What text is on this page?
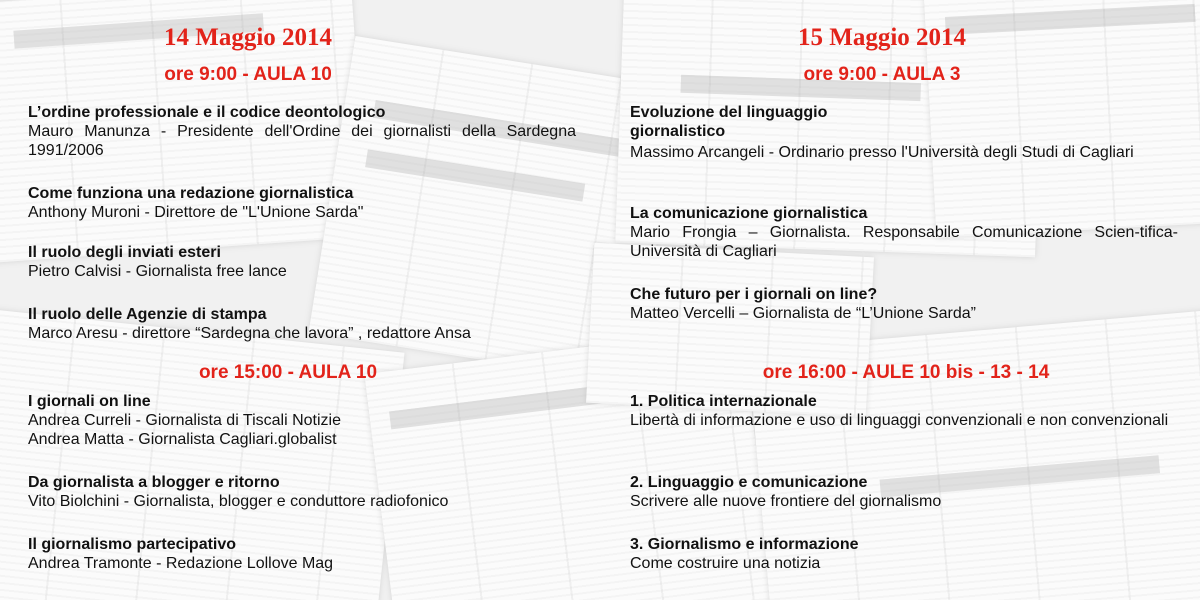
14 Maggio 2014
ore 9:00 - AULA 10
L’ordine professionale e il codice deontologico
Mauro Manunza - Presidente dell'Ordine dei giornalisti della Sardegna 1991/2006
Come funziona una redazione giornalistica
Anthony Muroni - Direttore de "L'Unione Sarda"
Il ruolo degli inviati esteri
Pietro Calvisi - Giornalista free lance
Il ruolo delle Agenzie di stampa
Marco Aresu - direttore “Sardegna che lavora” , redattore Ansa
ore 15:00 - AULA 10
I giornali on line
Andrea Curreli - Giornalista di Tiscali Notizie
Andrea Matta - Giornalista Cagliari.globalist
Da giornalista a blogger e ritorno
Vito Biolchini - Giornalista, blogger e conduttore radiofonico
Il giornalismo partecipativo
Andrea Tramonte - Redazione Lollove Mag
15 Maggio 2014
ore 9:00 - AULA 3
Evoluzione del linguaggio giornalistico
Massimo Arcangeli - Ordinario presso l'Università degli Studi di Cagliari
La comunicazione giornalistica
Mario Frongia – Giornalista. Responsabile Comunicazione Scien-tifica- Università di Cagliari
Che futuro per i giornali on line?
Matteo Vercelli – Giornalista de “L’Unione Sarda”
ore 16:00 - AULE 10 bis - 13 - 14
1. Politica internazionale
Libertà di informazione e uso di linguaggi convenzionali e non convenzionali
2. Linguaggio e comunicazione
Scrivere alle nuove frontiere del giornalismo
3. Giornalismo e informazione
Come costruire una notizia
